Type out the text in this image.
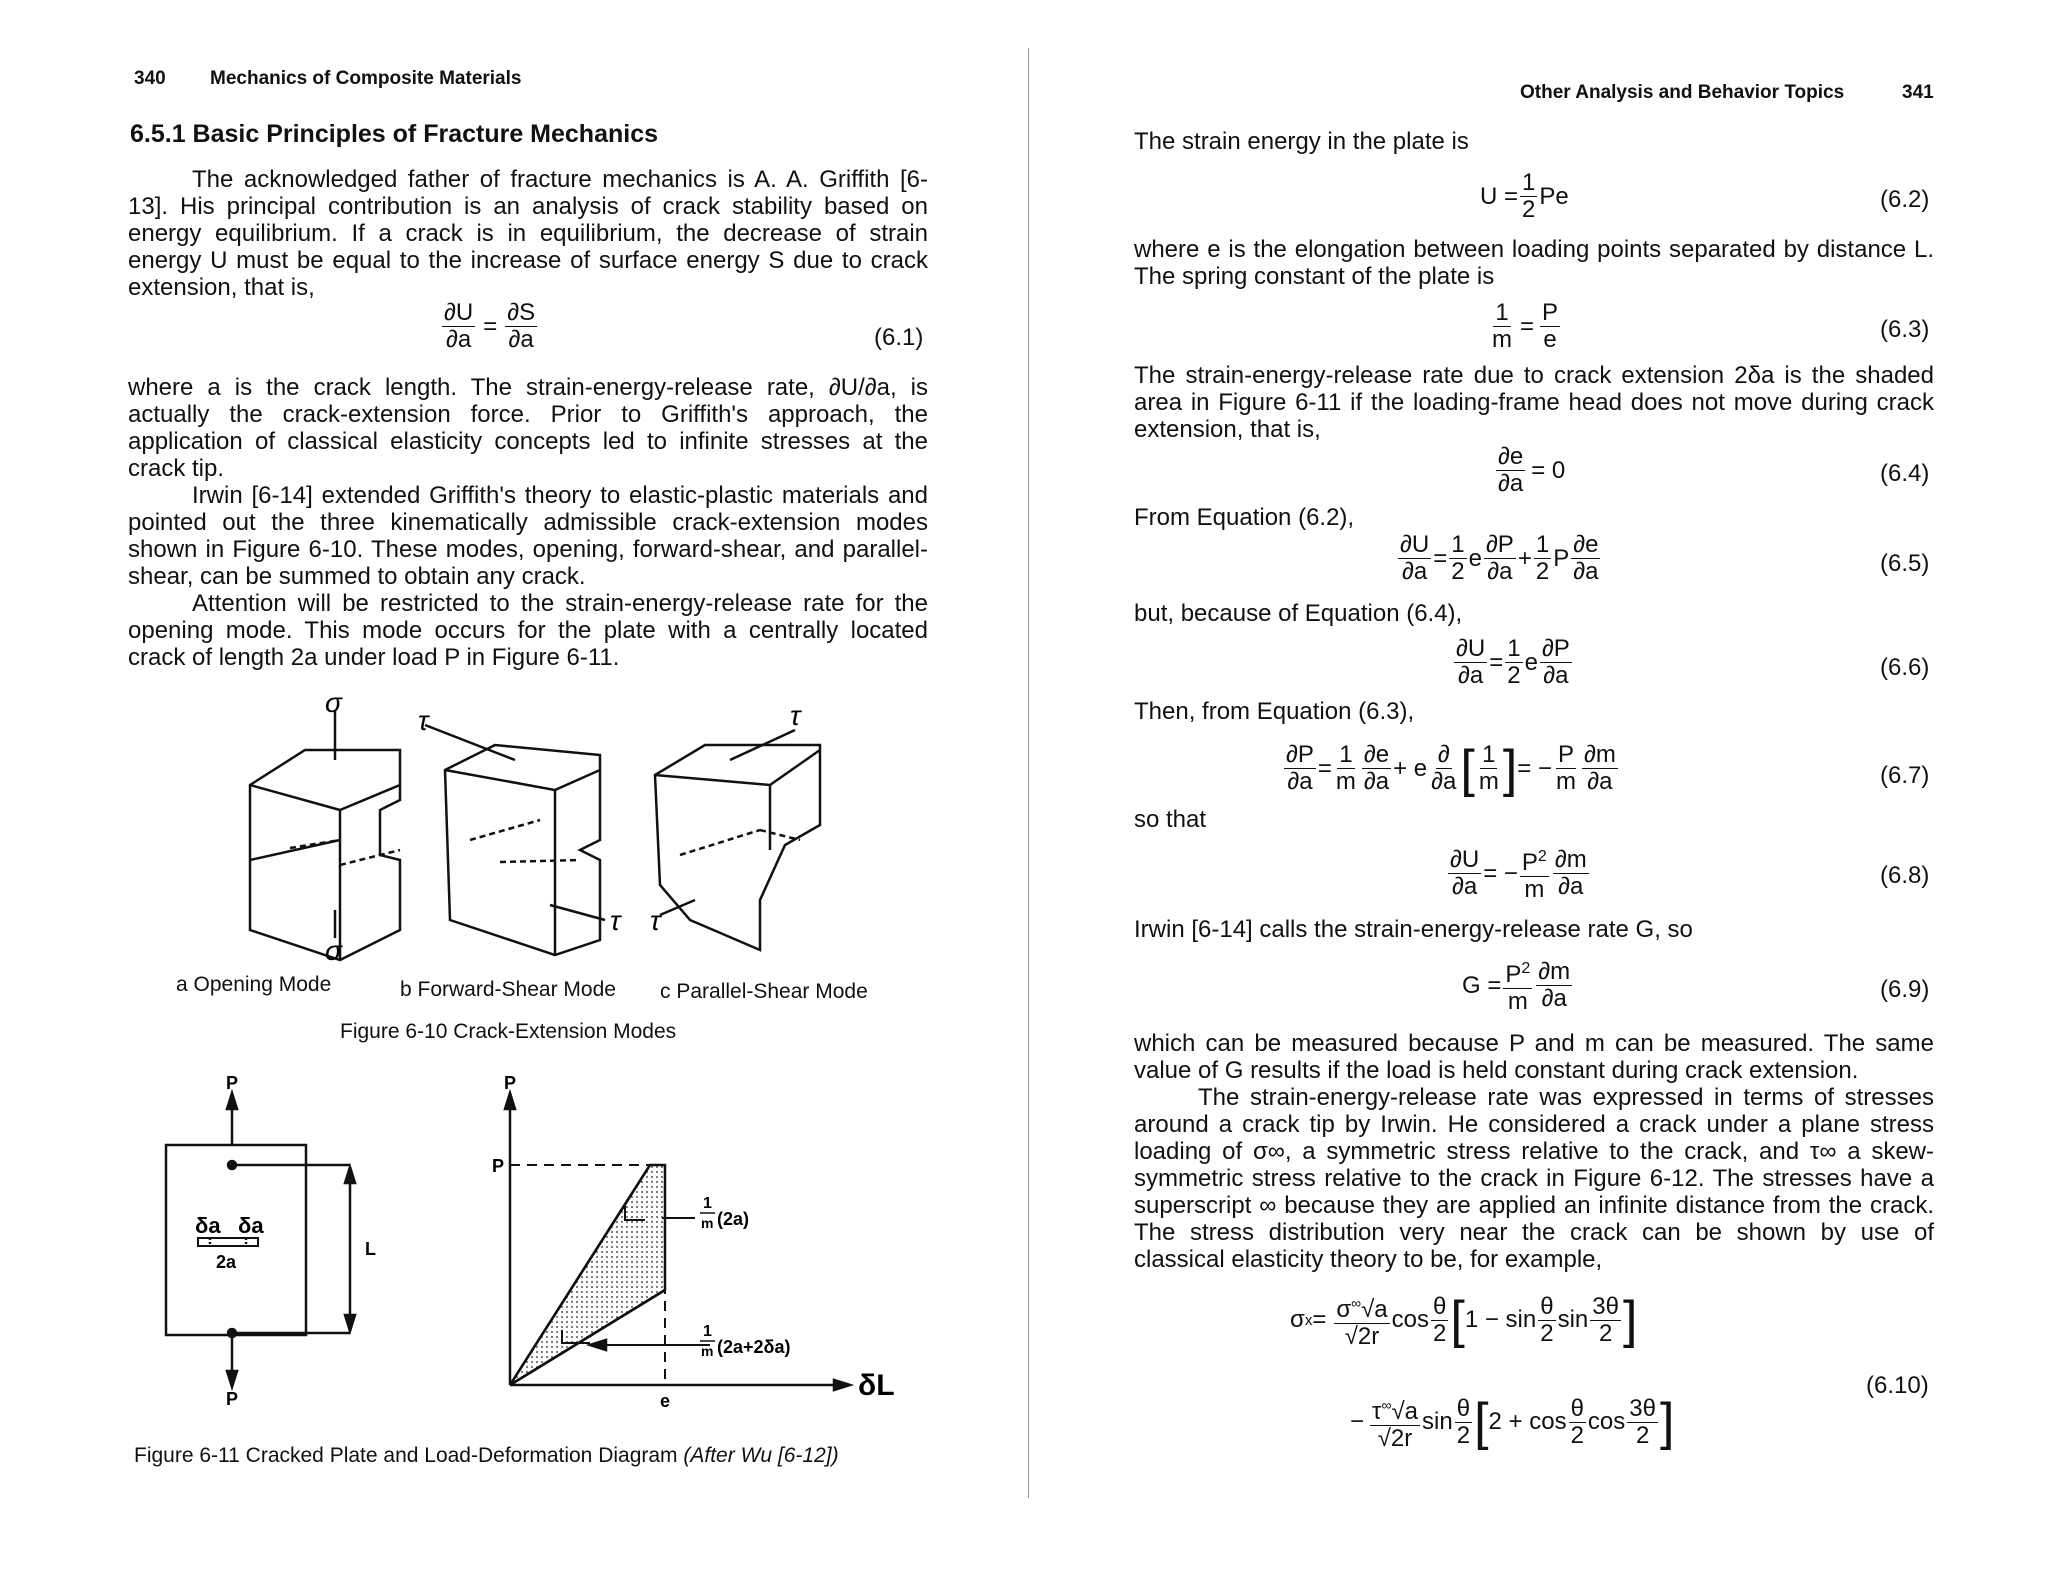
340 Mechanics of Composite Materials
6.5.1 Basic Principles of Fracture Mechanics

The acknowledged father of fracture mechanics is A. A. Griffith [6-13]. His principal contribution is an analysis of crack stability based on energy equilibrium. If a crack is in equilibrium, the decrease of strain energy U must be equal to the increase of surface energy S due to crack extension, that is,

$\frac{\partial U}{\partial a} = \frac{\partial S}{\partial a}$	(6.1)

where a is the crack length. The strain-energy-release rate, ∂U/∂a, is actually the crack-extension force. Prior to Griffith's approach, the application of classical elasticity concepts led to infinite stresses at the crack tip.

Irwin [6-14] extended Griffith's theory to elastic-plastic materials and pointed out the three kinematically admissible crack-extension modes shown in Figure 6-10. These modes, opening, forward-shear, and parallel-shear, can be summed to obtain any crack.

Attention will be restricted to the strain-energy-release rate for the opening mode. This mode occurs for the plate with a centrally located crack of length 2a under load P in Figure 6-11.

σ
σ
τ
τ
τ
τ
a Opening Mode	b Forward-Shear Mode c Parallel-Shear Mode
Figure 6-10 Crack-Extension Modes
P
P
L
δa δa
2a
P
P
e	δL
1
m (2a)
1
m (2a+2δa)
Figure 6-11 Cracked Plate and Load-Deformation Diagram (After Wu [6-12])
Other Analysis and Behavior Topics	341
The strain energy in the plate is
$U = \frac{1}{2}$ Pe	(6.2)
where e is the elongation between loading points separated by distance L. The spring constant of the plate is
$\frac{1}{m} = \frac{P}{e}$	(6.3)
The strain-energy-release rate due to crack extension 2δa is the shaded area in Figure 6-11 if the loading-frame head does not move during crack extension, that is,
$\frac{\partial e}{\partial a} = 0$	(6.4)
From Equation (6.2),
$\frac{\partial U}{\partial a} = \frac{1}{2}$ e $\frac{\partial P}{\partial a} + \frac{1}{2}$ P $\frac{\partial e}{\partial a}$	(6.5)
but, because of Equation (6.4),
$\frac{\partial U}{\partial a} = \frac{1}{2}$ e $\frac{\partial P}{\partial a}$	(6.6)
Then, from Equation (6.3),
$\frac{\partial P}{\partial a} = \frac{1}{m} \frac{\partial e}{\partial a} + e \frac{\partial}{\partial a}$ [ $\frac{1}{m}$ ] = − $\frac{P}{m} \frac{\partial m}{\partial a}$	(6.7)
so that
$\frac{\partial U}{\partial a}$ = − $\frac{P^2}{m} \frac{\partial m}{\partial a}$	(6.8)
Irwin [6-14] calls the strain-energy-release rate G, so
$G = \frac{P^2}{m} \frac{\partial m}{\partial a}$	(6.9)

which can be measured because P and m can be measured. The same value of G results if the load is held constant during crack extension.

The strain-energy-release rate was expressed in terms of stresses around a crack tip by Irwin. He considered a crack under a plane stress loading of σ∞, a symmetric stress relative to the crack, and τ∞ a skew-symmetric stress relative to the crack in Figure 6-12. The stresses have a superscript ∞ because they are applied an infinite distance from the crack. The stress distribution very near the crack can be shown by use of classical elasticity theory to be, for example,

σ $x = \frac{\sigma^\infty√a}{√2r}$ $\cos \frac{\theta}{2}$ [ $1 - \sin \frac{\theta}{2}$ $\sin \frac{3\theta}{2}$ ]
− $\frac{\tau^\infty√a}{√2r}$ $\sin \frac{\theta}{2}$ [ $2 + \cos \frac{\theta}{2}$ $\cos \frac{3\theta}{2}$ ]
(6.10)
